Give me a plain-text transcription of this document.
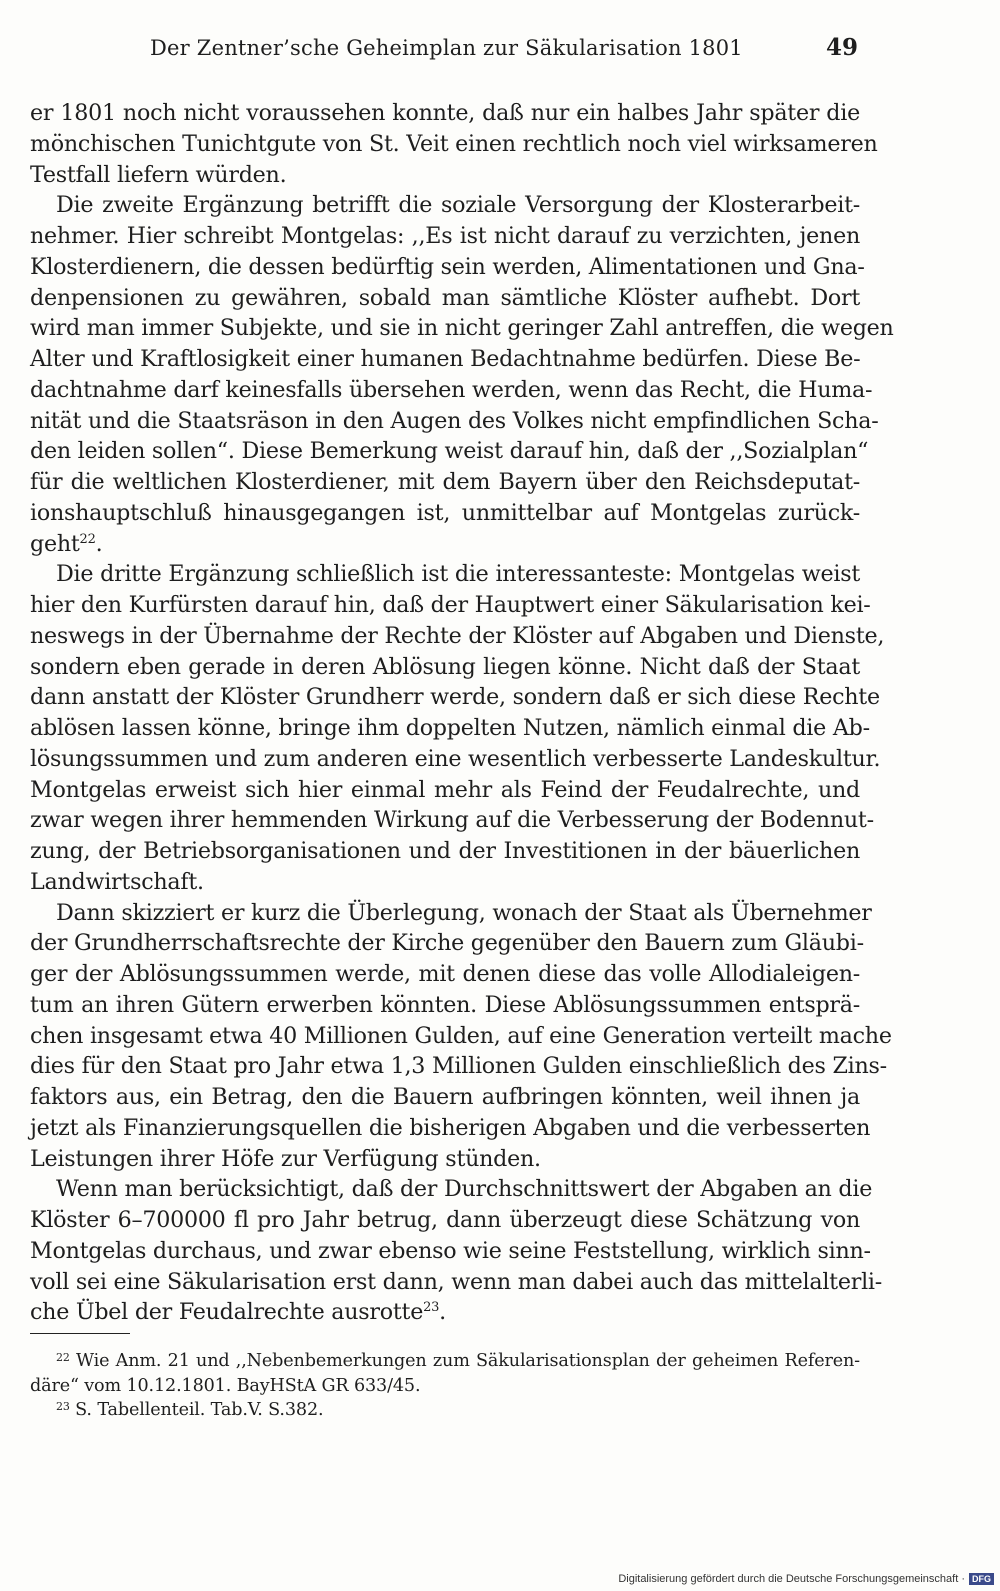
Der Zentner’sche Geheimplan zur Säkularisation 1801	49
er 1801 noch nicht voraussehen konnte, daß nur ein halbes Jahr später die
mönchischen Tunichtgute von St. Veit einen rechtlich noch viel wirksameren
Testfall liefern würden.
Die zweite Ergänzung betrifft die soziale Versorgung der Klosterarbeit-
nehmer. Hier schreibt Montgelas: ,,Es ist nicht darauf zu verzichten, jenen
Klosterdienern, die dessen bedürftig sein werden, Alimentationen und Gna-
denpensionen zu gewähren, sobald man sämtliche Klöster aufhebt. Dort
wird man immer Subjekte, und sie in nicht geringer Zahl antreffen, die wegen
Alter und Kraftlosigkeit einer humanen Bedachtnahme bedürfen. Diese Be-
dachtnahme darf keinesfalls übersehen werden, wenn das Recht, die Huma-
nität und die Staatsräson in den Augen des Volkes nicht empfindlichen Scha-
den leiden sollen“. Diese Bemerkung weist darauf hin, daß der ,,Sozialplan“
für die weltlichen Klosterdiener, mit dem Bayern über den Reichsdeputat-
ionshauptschluß hinausgegangen ist, unmittelbar auf Montgelas zurück-
geht$^{22}$.
Die dritte Ergänzung schließlich ist die interessanteste: Montgelas weist
hier den Kurfürsten darauf hin, daß der Hauptwert einer Säkularisation kei-
neswegs in der Übernahme der Rechte der Klöster auf Abgaben und Dienste,
sondern eben gerade in deren Ablösung liegen könne. Nicht daß der Staat
dann anstatt der Klöster Grundherr werde, sondern daß er sich diese Rechte
ablösen lassen könne, bringe ihm doppelten Nutzen, nämlich einmal die Ab-
lösungssummen und zum anderen eine wesentlich verbesserte Landeskultur.
Montgelas erweist sich hier einmal mehr als Feind der Feudalrechte, und
zwar wegen ihrer hemmenden Wirkung auf die Verbesserung der Bodennut-
zung, der Betriebsorganisationen und der Investitionen in der bäuerlichen
Landwirtschaft.
Dann skizziert er kurz die Überlegung, wonach der Staat als Übernehmer
der Grundherrschaftsrechte der Kirche gegenüber den Bauern zum Gläubi-
ger der Ablösungssummen werde, mit denen diese das volle Allodialeigen-
tum an ihren Gütern erwerben könnten. Diese Ablösungssummen entsprä-
chen insgesamt etwa 40 Millionen Gulden, auf eine Generation verteilt mache
dies für den Staat pro Jahr etwa 1,3 Millionen Gulden einschließlich des Zins-
faktors aus, ein Betrag, den die Bauern aufbringen könnten, weil ihnen ja
jetzt als Finanzierungsquellen die bisherigen Abgaben und die verbesserten
Leistungen ihrer Höfe zur Verfügung stünden.
Wenn man berücksichtigt, daß der Durchschnittswert der Abgaben an die
Klöster 6–700000 fl pro Jahr betrug, dann überzeugt diese Schätzung von
Montgelas durchaus, und zwar ebenso wie seine Feststellung, wirklich sinn-
voll sei eine Säkularisation erst dann, wenn man dabei auch das mittelalterli-
che Übel der Feudalrechte ausrotte$^{23}$.
$^{22}$ Wie Anm. 21 und ,,Nebenbemerkungen zum Säkularisationsplan der geheimen Referen-
däre“ vom 10.12.1801. BayHStA GR 633/45.
$^{23}$ S. Tabellenteil. Tab.V. S.382.
Digitalisierung gefördert durch die Deutsche Forschungsgemeinschaft · DFG
